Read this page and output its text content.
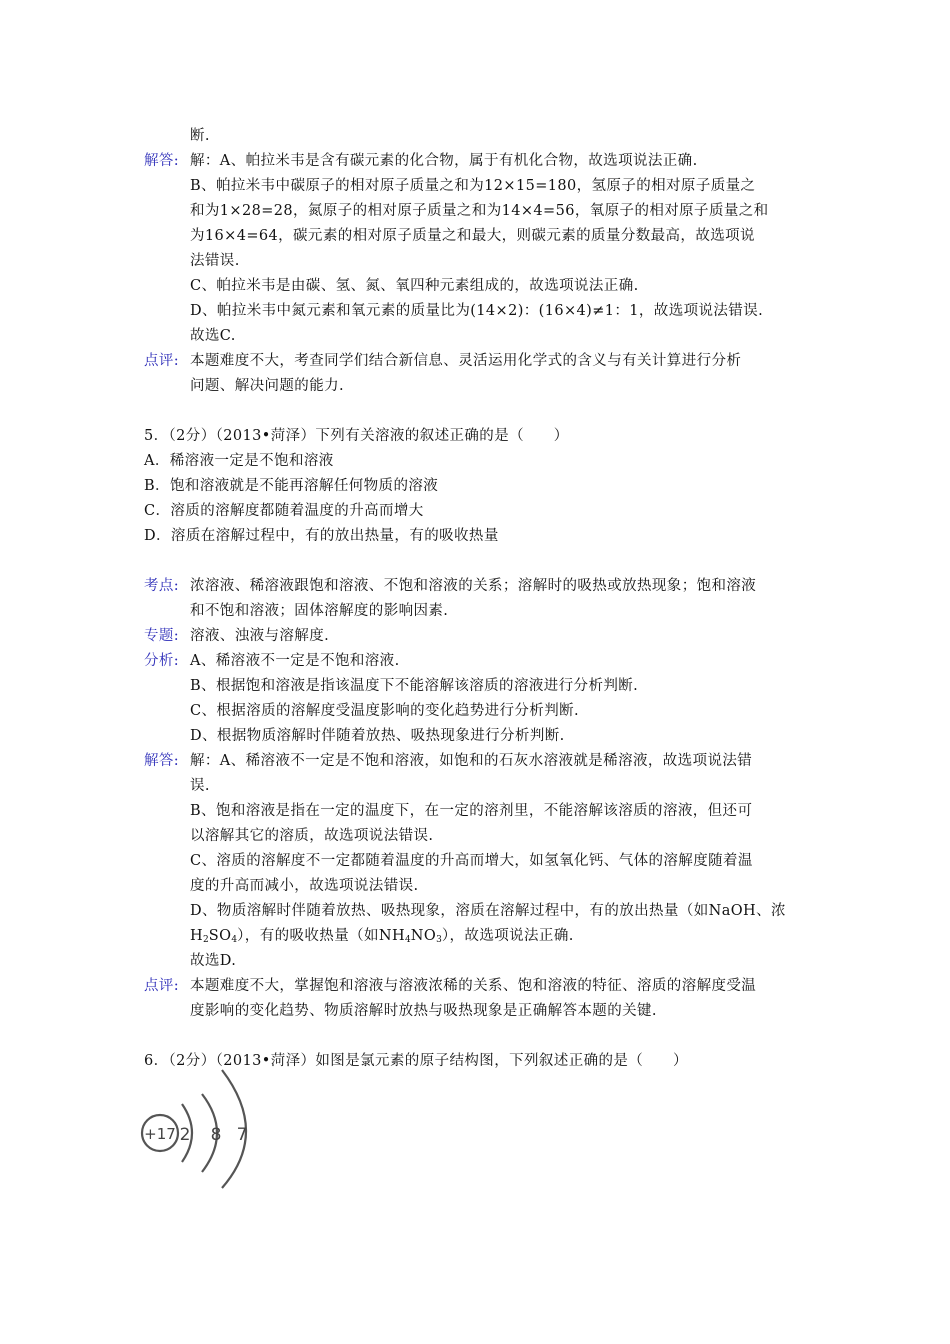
断.
解答: 解：A、帕拉米韦是含有碳元素的化合物，属于有机化合物，故选项说法正确.
B、帕拉米韦中碳原子的相对原子质量之和为12×15=180，氢原子的相对原子质量之
和为1×28=28，氮原子的相对原子质量之和为14×4=56，氧原子的相对原子质量之和
为16×4=64，碳元素的相对原子质量之和最大，则碳元素的质量分数最高，故选项说
法错误.
C、帕拉米韦是由碳、氢、氮、氧四种元素组成的，故选项说法正确.
D、帕拉米韦中氮元素和氧元素的质量比为(14×2)：(16×4)≠1：1，故选项说法错误.
故选C.
点评: 本题难度不大，考查同学们结合新信息、灵活运用化学式的含义与有关计算进行分析
问题、解决问题的能力.
5．（2分）（2013•菏泽）下列有关溶液的叙述正确的是（　　）
A．稀溶液一定是不饱和溶液
B．饱和溶液就是不能再溶解任何物质的溶液
C．溶质的溶解度都随着温度的升高而增大
D．溶质在溶解过程中，有的放出热量，有的吸收热量
考点: 浓溶液、稀溶液跟饱和溶液、不饱和溶液的关系；溶解时的吸热或放热现象；饱和溶液
和不饱和溶液；固体溶解度的影响因素.
专题: 溶液、浊液与溶解度.
分析: A、稀溶液不一定是不饱和溶液.
B、根据饱和溶液是指该温度下不能溶解该溶质的溶液进行分析判断.
C、根据溶质的溶解度受温度影响的变化趋势进行分析判断.
D、根据物质溶解时伴随着放热、吸热现象进行分析判断.
解答: 解：A、稀溶液不一定是不饱和溶液，如饱和的石灰水溶液就是稀溶液，故选项说法错
误.
B、饱和溶液是指在一定的温度下，在一定的溶剂里，不能溶解该溶质的溶液，但还可
以溶解其它的溶质，故选项说法错误.
C、溶质的溶解度不一定都随着温度的升高而增大，如氢氧化钙、气体的溶解度随着温
度的升高而减小，故选项说法错误.
D、物质溶解时伴随着放热、吸热现象，溶质在溶解过程中，有的放出热量（如NaOH、浓
$H_2SO_4$），有的吸收热量（如$NH_4NO_3$），故选项说法正确.
故选D.
点评: 本题难度不大，掌握饱和溶液与溶液浓稀的关系、饱和溶液的特征、溶质的溶解度受温
度影响的变化趋势、物质溶解时放热与吸热现象是正确解答本题的关键.
6．（2分）（2013•菏泽）如图是氯元素的原子结构图，下列叙述正确的是（　　）
+17 2 8 7
